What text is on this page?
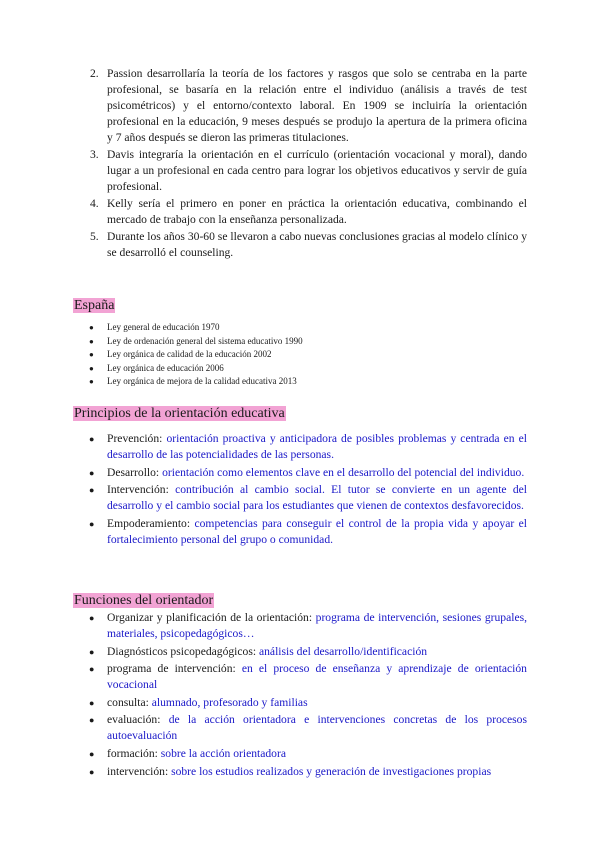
2. Passion desarrollaría la teoría de los factores y rasgos que solo se centraba en la parte profesional, se basaría en la relación entre el individuo (análisis a través de test psicométricos) y el entorno/contexto laboral. En 1909 se incluiría la orientación profesional en la educación, 9 meses después se produjo la apertura de la primera oficina y 7 años después se dieron las primeras titulaciones.
3. Davis integraría la orientación en el currículo (orientación vocacional y moral), dando lugar a un profesional en cada centro para lograr los objetivos educativos y servir de guía profesional.
4. Kelly sería el primero en poner en práctica la orientación educativa, combinando el mercado de trabajo con la enseñanza personalizada.
5. Durante los años 30-60 se llevaron a cabo nuevas conclusiones gracias al modelo clínico y se desarrolló el counseling.
España
● Ley general de educación 1970
● Ley de ordenación general del sistema educativo 1990
● Ley orgánica de calidad de la educación 2002
● Ley orgánica de educación 2006
● Ley orgánica de mejora de la calidad educativa 2013
Principios de la orientación educativa
● Prevención: orientación proactiva y anticipadora de posibles problemas y centrada en el desarrollo de las potencialidades de las personas.
● Desarrollo: orientación como elementos clave en el desarrollo del potencial del individuo.
● Intervención: contribución al cambio social. El tutor se convierte en un agente del desarrollo y el cambio social para los estudiantes que vienen de contextos desfavorecidos.
● Empoderamiento: competencias para conseguir el control de la propia vida y apoyar el fortalecimiento personal del grupo o comunidad.
Funciones del orientador
● Organizar y planificación de la orientación: programa de intervención, sesiones grupales, materiales, psicopedagógicos…
● Diagnósticos psicopedagógicos: análisis del desarrollo/identificación
● programa de intervención: en el proceso de enseñanza y aprendizaje de orientación vocacional
● consulta: alumnado, profesorado y familias
● evaluación: de la acción orientadora e intervenciones concretas de los procesos autoevaluación
● formación: sobre la acción orientadora
● intervención: sobre los estudios realizados y generación de investigaciones propias
